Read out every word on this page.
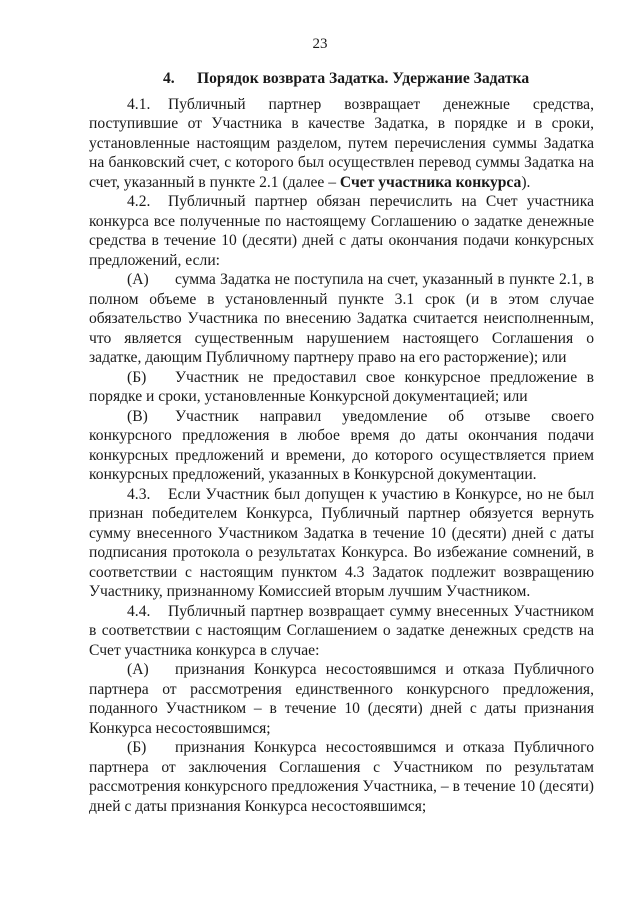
23

4. Порядок возврата Задатка. Удержание Задатка

4.1. Публичный партнер возвращает денежные средства, поступившие от Участника в качестве Задатка, в порядке и в сроки, установленные настоящим разделом, путем перечисления суммы Задатка на банковский счет, с которого был осуществлен перевод суммы Задатка на счет, указанный в пункте 2.1 (далее – Счет участника конкурса).

4.2. Публичный партнер обязан перечислить на Счет участника конкурса все полученные по настоящему Соглашению о задатке денежные средства в течение 10 (десяти) дней с даты окончания подачи конкурсных предложений, если:

(А) сумма Задатка не поступила на счет, указанный в пункте 2.1, в полном объеме в установленный пункте 3.1 срок (и в этом случае обязательство Участника по внесению Задатка считается неисполненным, что является существенным нарушением настоящего Соглашения о задатке, дающим Публичному партнеру право на его расторжение); или

(Б) Участник не предоставил свое конкурсное предложение в порядке и сроки, установленные Конкурсной документацией; или

(В) Участник направил уведомление об отзыве своего конкурсного предложения в любое время до даты окончания подачи конкурсных предложений и времени, до которого осуществляется прием конкурсных предложений, указанных в Конкурсной документации.

4.3. Если Участник был допущен к участию в Конкурсе, но не был признан победителем Конкурса, Публичный партнер обязуется вернуть сумму внесенного Участником Задатка в течение 10 (десяти) дней с даты подписания протокола о результатах Конкурса. Во избежание сомнений, в соответствии с настоящим пунктом 4.3 Задаток подлежит возвращению Участнику, признанному Комиссией вторым лучшим Участником.

4.4. Публичный партнер возвращает сумму внесенных Участником в соответствии с настоящим Соглашением о задатке денежных средств на Счет участника конкурса в случае:

(А) признания Конкурса несостоявшимся и отказа Публичного партнера от рассмотрения единственного конкурсного предложения, поданного Участником – в течение 10 (десяти) дней с даты признания Конкурса несостоявшимся;

(Б) признания Конкурса несостоявшимся и отказа Публичного партнера от заключения Соглашения с Участником по результатам рассмотрения конкурсного предложения Участника, – в течение 10 (десяти) дней с даты признания Конкурса несостоявшимся;
